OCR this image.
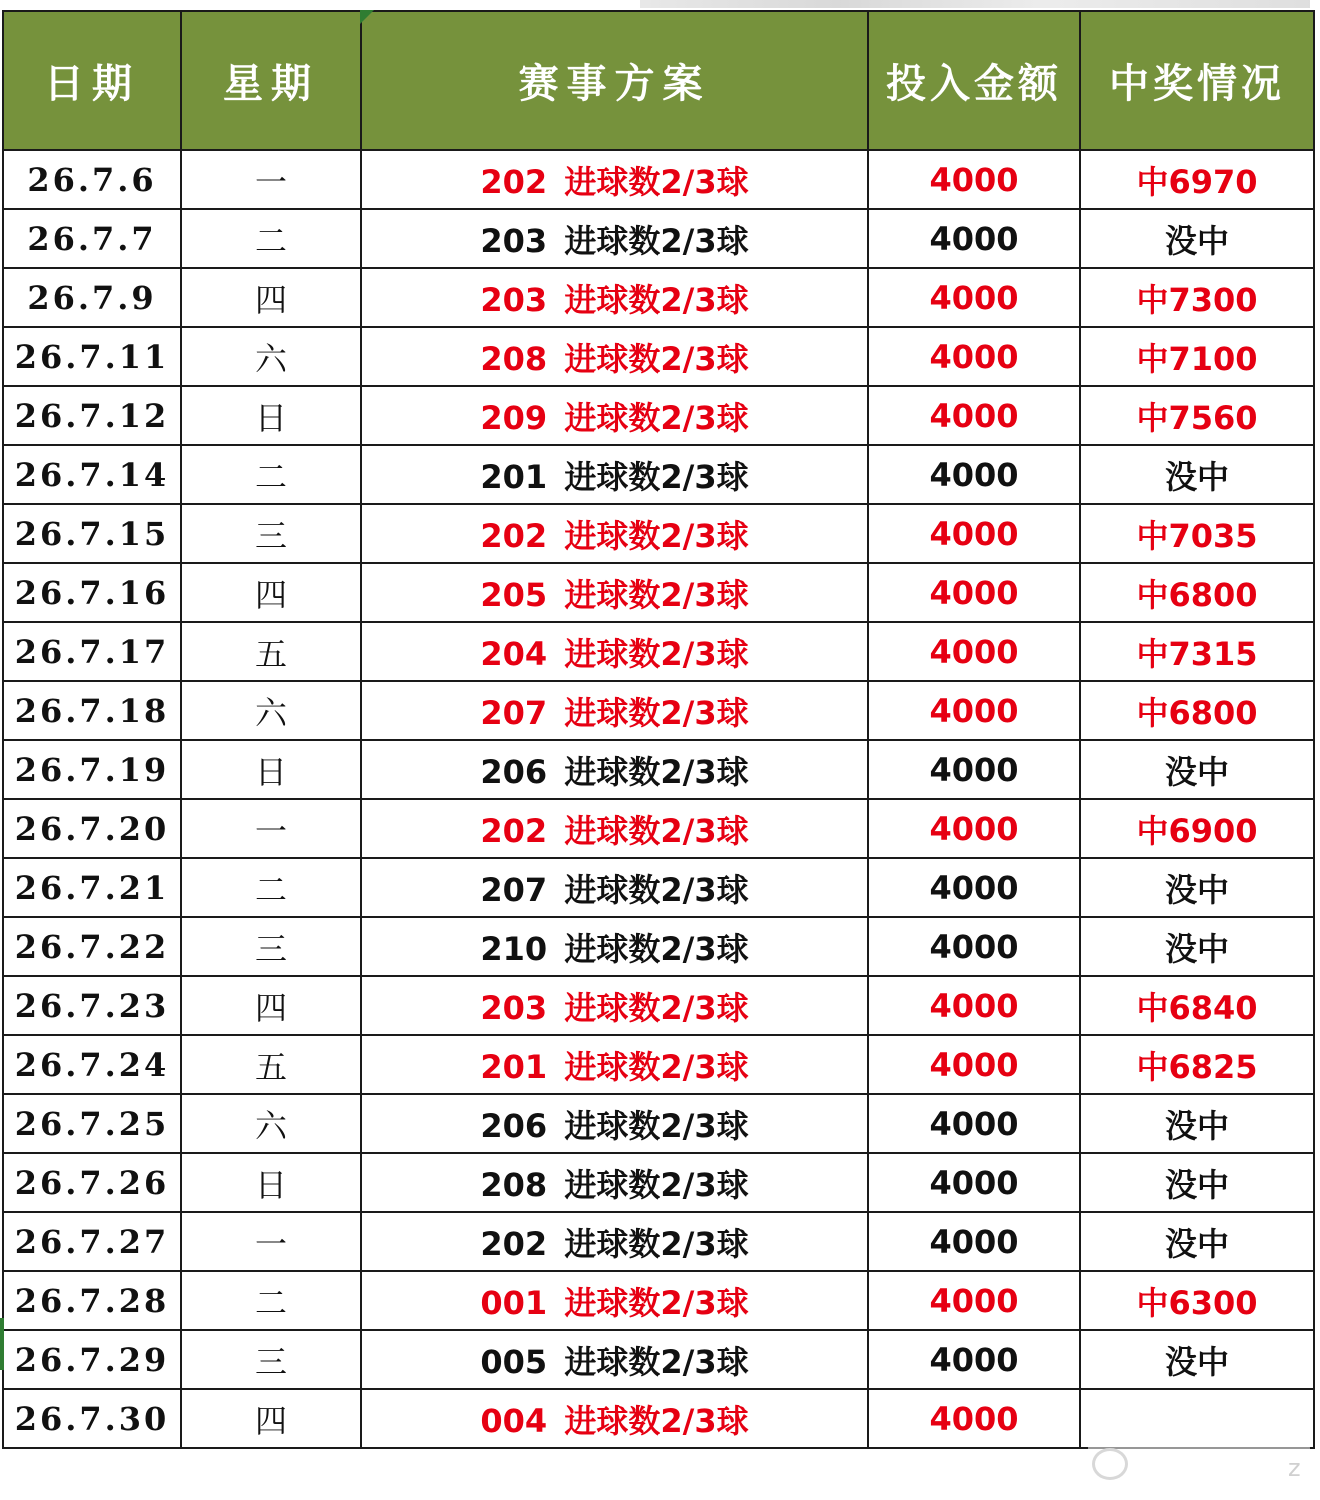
日期	星期	赛事方案	投入金额	中奖情况
26.7.6	一	202 进球数2/3球	4000	中6970
26.7.7	二	203 进球数2/3球	4000	没中
26.7.9	四	203 进球数2/3球	4000	中7300
26.7.11	六	208 进球数2/3球	4000	中7100
26.7.12	日	209 进球数2/3球	4000	中7560
26.7.14	二	201 进球数2/3球	4000	没中
26.7.15	三	202 进球数2/3球	4000	中7035
26.7.16	四	205 进球数2/3球	4000	中6800
26.7.17	五	204 进球数2/3球	4000	中7315
26.7.18	六	207 进球数2/3球	4000	中6800
26.7.19	日	206 进球数2/3球	4000	没中
26.7.20	一	202 进球数2/3球	4000	中6900
26.7.21	二	207 进球数2/3球	4000	没中
26.7.22	三	210 进球数2/3球	4000	没中
26.7.23	四	203 进球数2/3球	4000	中6840
26.7.24	五	201 进球数2/3球	4000	中6825
26.7.25	六	206 进球数2/3球	4000	没中
26.7.26	日	208 进球数2/3球	4000	没中
26.7.27	一	202 进球数2/3球	4000	没中
26.7.28	二	001 进球数2/3球	4000	中6300
26.7.29	三	005 进球数2/3球	4000	没中
26.7.30	四	004 进球数2/3球	4000	
z
